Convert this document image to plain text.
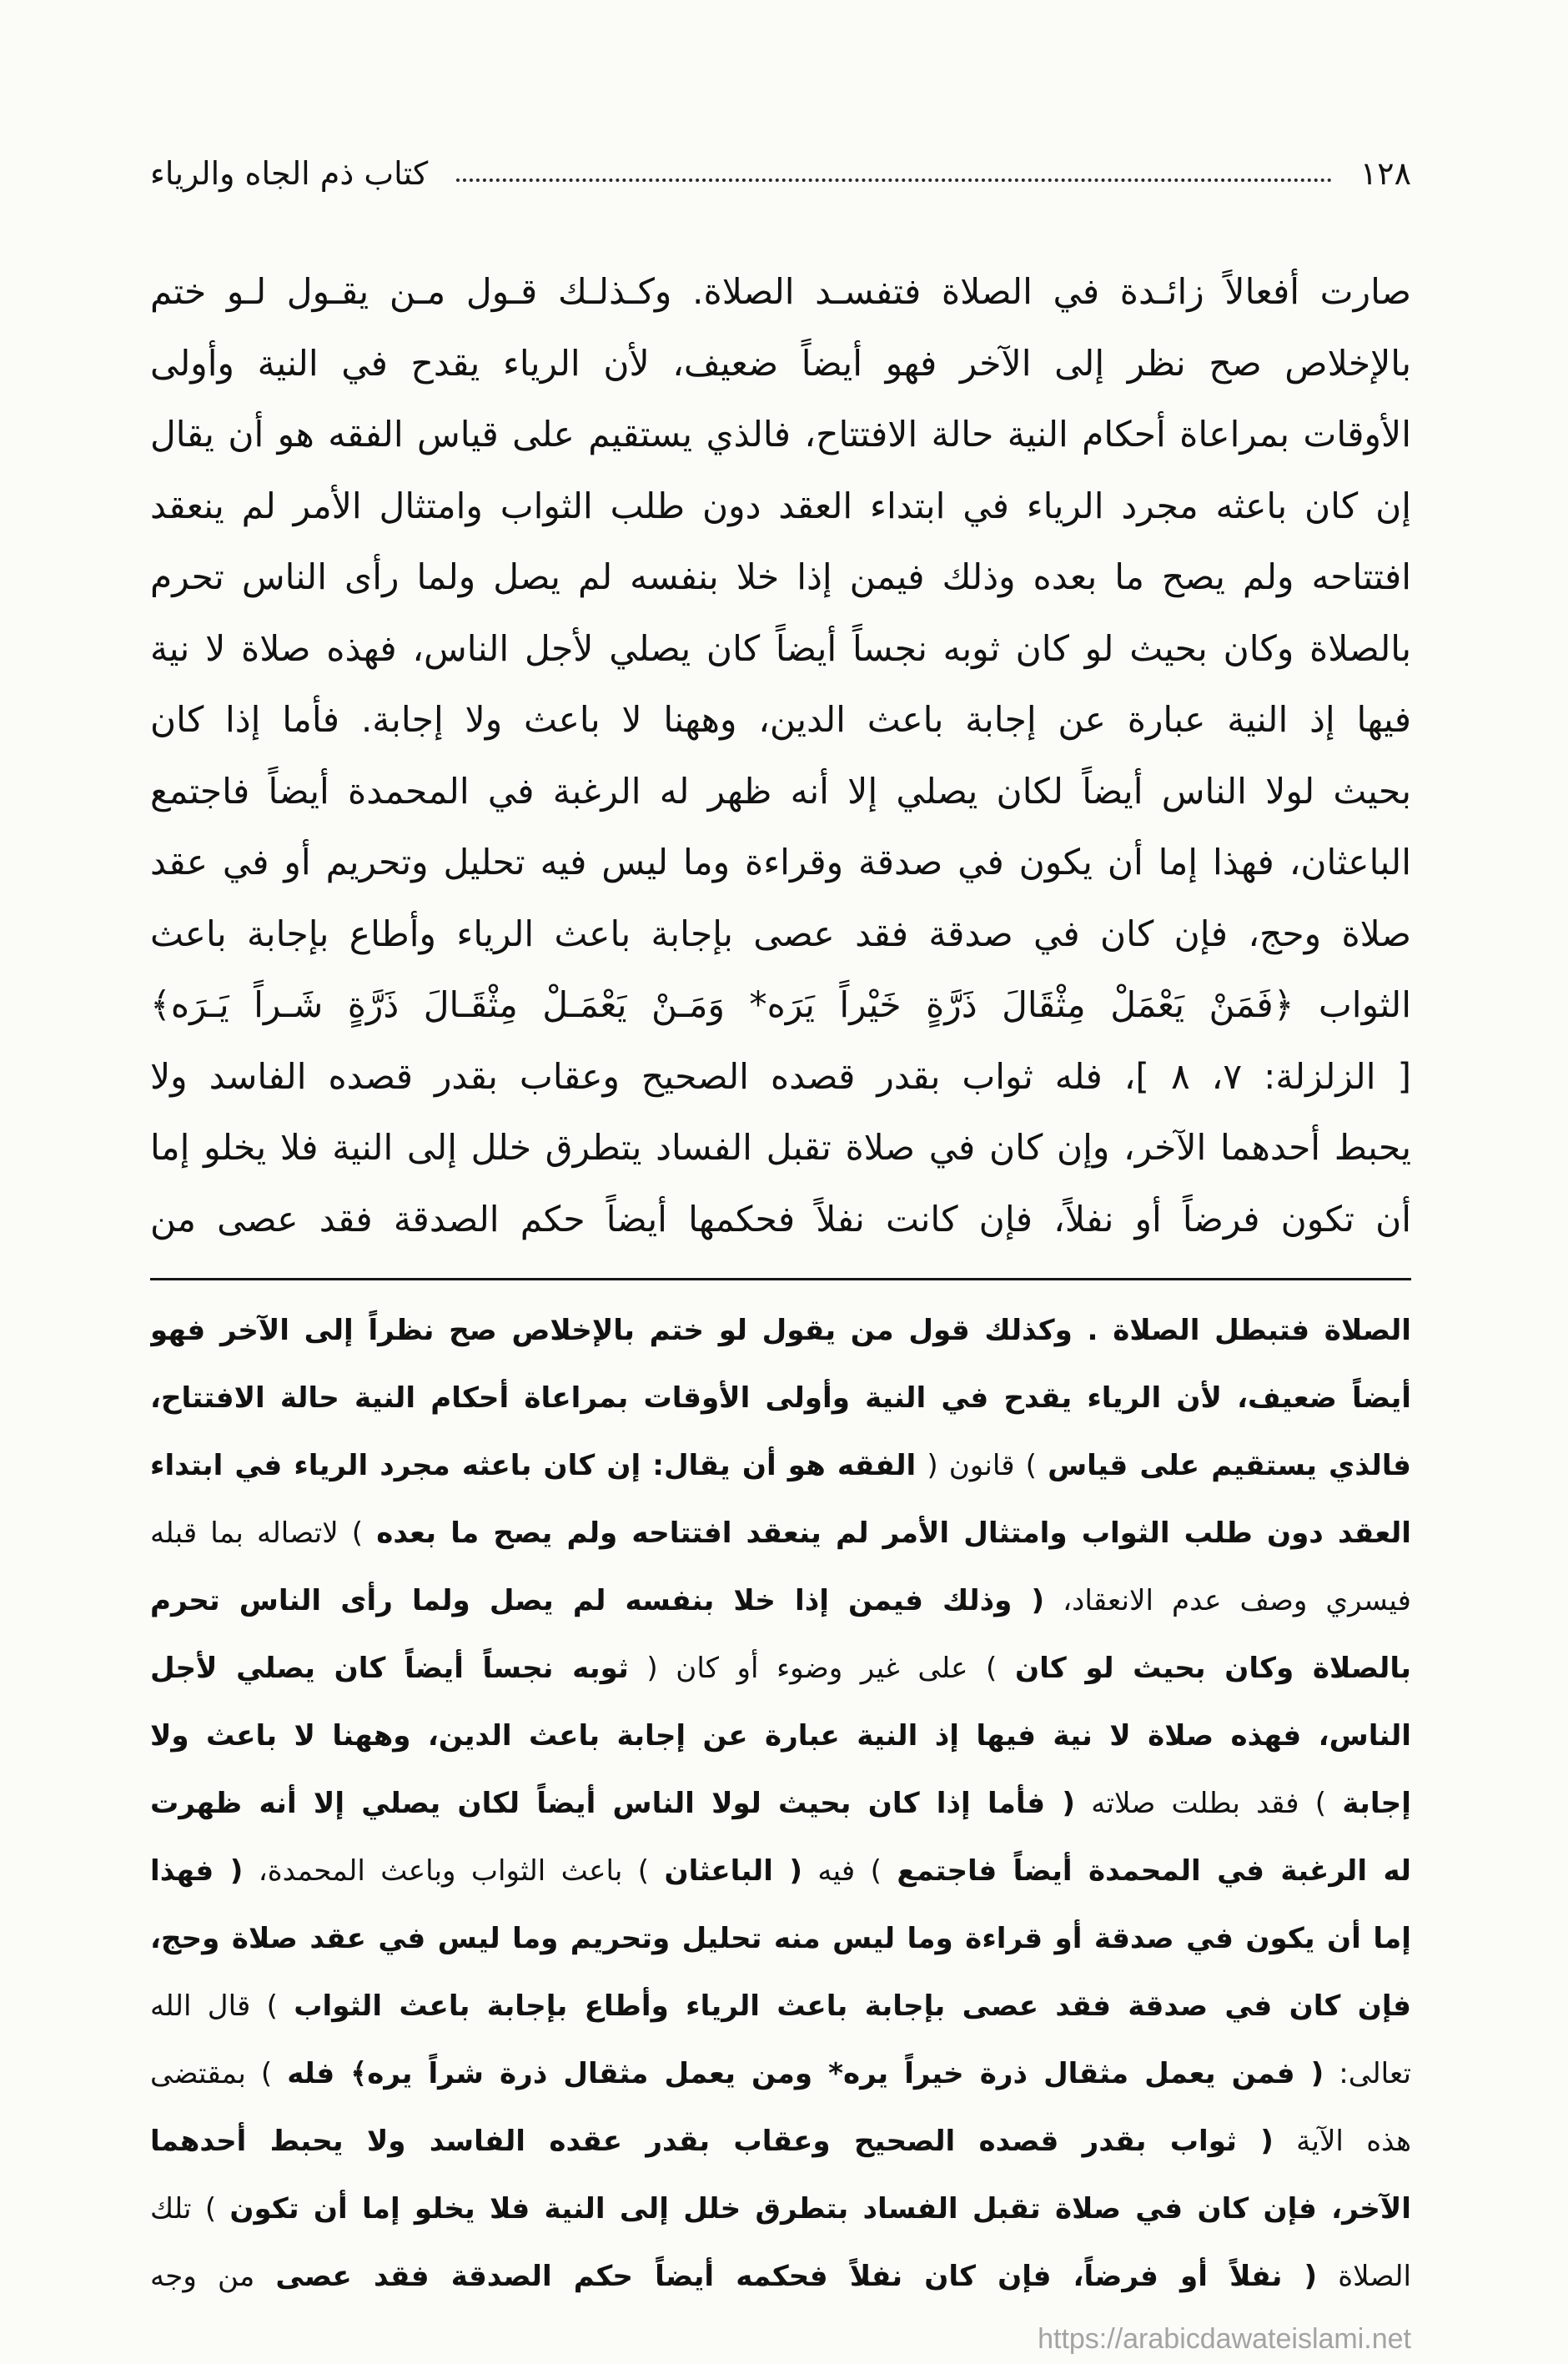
١٢٨
كتاب ذم الجاه والرياء
صارت أفعالاً زائـدة في الصلاة فتفسـد الصلاة. وكـذلـك قـول مـن يقـول لـو ختم
بالإخلاص صح نظر إلى الآخر فهو أيضاً ضعيف، لأن الرياء يقدح في النية وأولى
الأوقات بمراعاة أحكام النية حالة الافتتاح، فالذي يستقيم على قياس الفقه هو أن يقال
إن كان باعثه مجرد الرياء في ابتداء العقد دون طلب الثواب وامتثال الأمر لم ينعقد
افتتاحه ولم يصح ما بعده وذلك فيمن إذا خلا بنفسه لم يصل ولما رأى الناس تحرم
بالصلاة وكان بحيث لو كان ثوبه نجساً أيضاً كان يصلي لأجل الناس، فهذه صلاة لا نية
فيها إذ النية عبارة عن إجابة باعث الدين، وههنا لا باعث ولا إجابة. فأما إذا كان
بحيث لولا الناس أيضاً لكان يصلي إلا أنه ظهر له الرغبة في المحمدة أيضاً فاجتمع
الباعثان، فهذا إما أن يكون في صدقة وقراءة وما ليس فيه تحليل وتحريم أو في عقد
صلاة وحج، فإن كان في صدقة فقد عصى بإجابة باعث الرياء وأطاع بإجابة باعث
الثواب ﴿فَمَنْ يَعْمَلْ مِثْقَالَ ذَرَّةٍ خَيْراً يَرَه* وَمَـنْ يَعْمَـلْ مِثْقَـالَ ذَرَّةٍ شَـراً يَـرَه﴾
[ الزلزلة: ٧، ٨ ]، فله ثواب بقدر قصده الصحيح وعقاب بقدر قصده الفاسد ولا
يحبط أحدهما الآخر، وإن كان في صلاة تقبل الفساد يتطرق خلل إلى النية فلا يخلو إما
أن تكون فرضاً أو نفلاً، فإن كانت نفلاً فحكمها أيضاً حكم الصدقة فقد عصى من
الصلاة فتبطل الصلاة . وكذلك قول من يقول لو ختم بالإخلاص صح نظراً إلى الآخر فهو
أيضاً ضعيف، لأن الرياء يقدح في النية وأولى الأوقات بمراعاة أحكام النية حالة الافتتاح،
فالذي يستقيم على قياس ) قانون ( الفقه هو أن يقال: إن كان باعثه مجرد الرياء في ابتداء
العقد دون طلب الثواب وامتثال الأمر لم ينعقد افتتاحه ولم يصح ما بعده ) لاتصاله بما قبله
فيسري وصف عدم الانعقاد، ( وذلك فيمن إذا خلا بنفسه لم يصل ولما رأى الناس تحرم
بالصلاة وكان بحيث لو كان ) على غير وضوء أو كان ( ثوبه نجساً أيضاً كان يصلي لأجل
الناس، فهذه صلاة لا نية فيها إذ النية عبارة عن إجابة باعث الدين، وههنا لا باعث ولا
إجابة ) فقد بطلت صلاته ( فأما إذا كان بحيث لولا الناس أيضاً لكان يصلي إلا أنه ظهرت
له الرغبة في المحمدة أيضاً فاجتمع ) فيه ( الباعثان ) باعث الثواب وباعث المحمدة، ( فهذا
إما أن يكون في صدقة أو قراءة وما ليس منه تحليل وتحريم وما ليس في عقد صلاة وحج،
فإن كان في صدقة فقد عصى بإجابة باعث الرياء وأطاع بإجابة باعث الثواب ) قال الله
تعالى: ( فمن يعمل مثقال ذرة خيراً يره* ومن يعمل مثقال ذرة شراً يره﴾ فله ) بمقتضى
هذه الآية ( ثواب بقدر قصده الصحيح وعقاب بقدر عقده الفاسد ولا يحبط أحدهما
الآخر، فإن كان في صلاة تقبل الفساد بتطرق خلل إلى النية فلا يخلو إما أن تكون ) تلك
الصلاة ( نفلاً أو فرضاً، فإن كان نفلاً فحكمه أيضاً حكم الصدقة فقد عصى من وجه
https://arabicdawateislami.net
